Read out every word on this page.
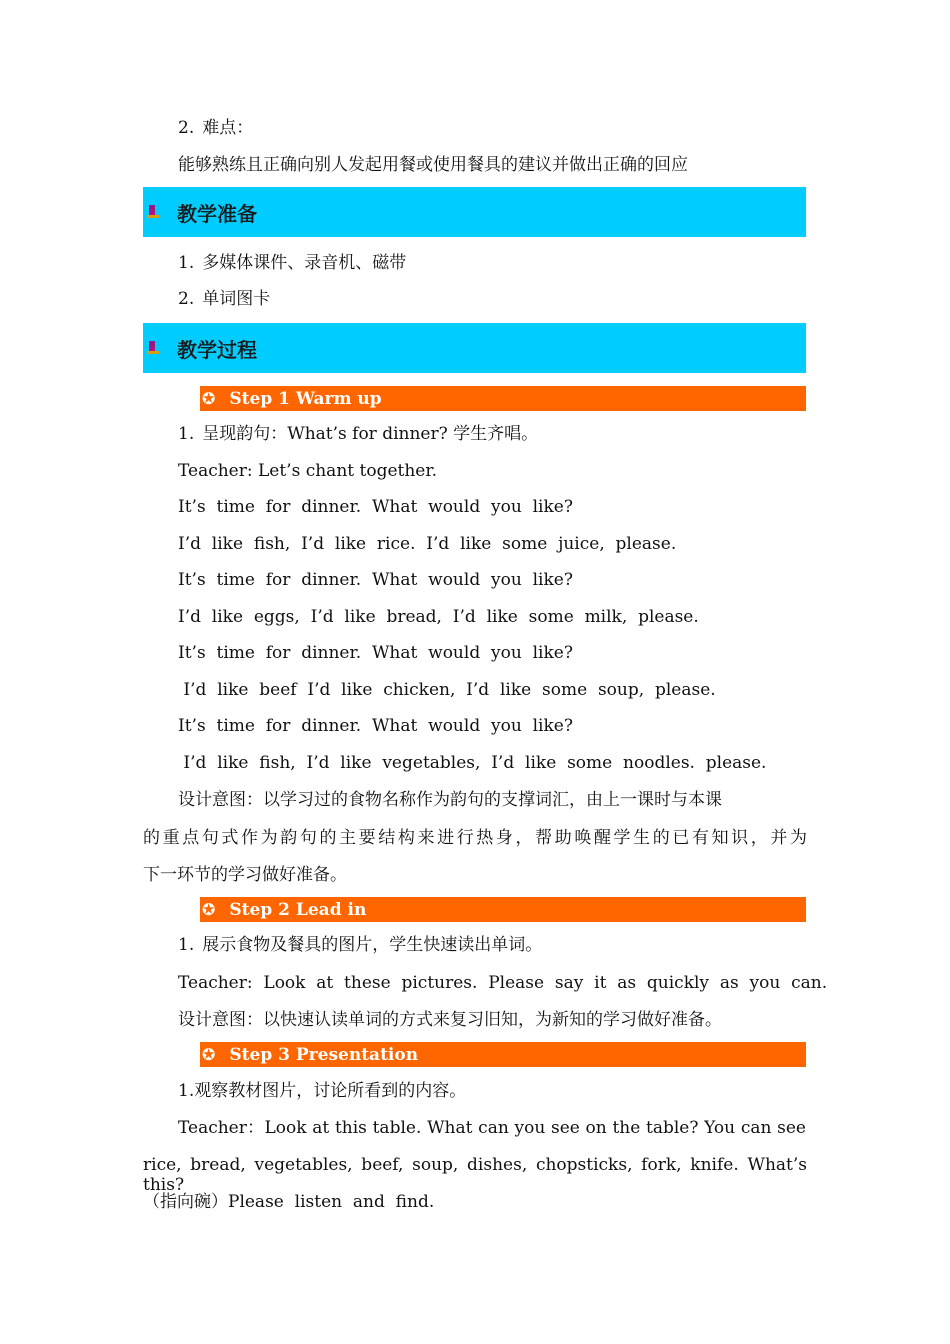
2. 难点：
能够熟练且正确向别人发起用餐或使用餐具的建议并做出正确的回应
教学准备
1. 多媒体课件、录音机、磁带
2. 单词图卡
教学过程
✪ Step 1 Warm up
1. 呈现韵句：What’s for dinner? 学生齐唱。
Teacher: Let’s chant together.
It’s  time  for  dinner.  What  would  you  like?
I’d  like  fish,  I’d  like  rice.  I’d  like  some  juice,  please.
It’s  time  for  dinner.  What  would  you  like?
I’d  like  eggs,  I’d  like  bread,  I’d  like  some  milk,  please.
It’s  time  for  dinner.  What  would  you  like?
I’d  like  beef  I’d  like  chicken,  I’d  like  some  soup,  please.
It’s  time  for  dinner.  What  would  you  like?
I’d  like  fish,  I’d  like  vegetables,  I’d  like  some  noodles.  please.
设计意图：以学习过的食物名称作为韵句的支撑词汇，由上一课时与本课
的重点句式作为韵句的主要结构来进行热身，帮助唤醒学生的已有知识，并为
下一环节的学习做好准备。
✪ Step 2 Lead in
1. 展示食物及餐具的图片，学生快速读出单词。
Teacher:  Look  at  these  pictures.  Please  say  it  as  quickly  as  you  can.
设计意图：以快速认读单词的方式来复习旧知，为新知的学习做好准备。
✪ Step 3 Presentation
1.观察教材图片，讨论所看到的内容。
Teacher：Look at this table. What can you see on the table? You can see
rice, bread, vegetables, beef, soup, dishes, chopsticks, fork, knife. What’s this?
（指向碗）Please  listen  and  find.
